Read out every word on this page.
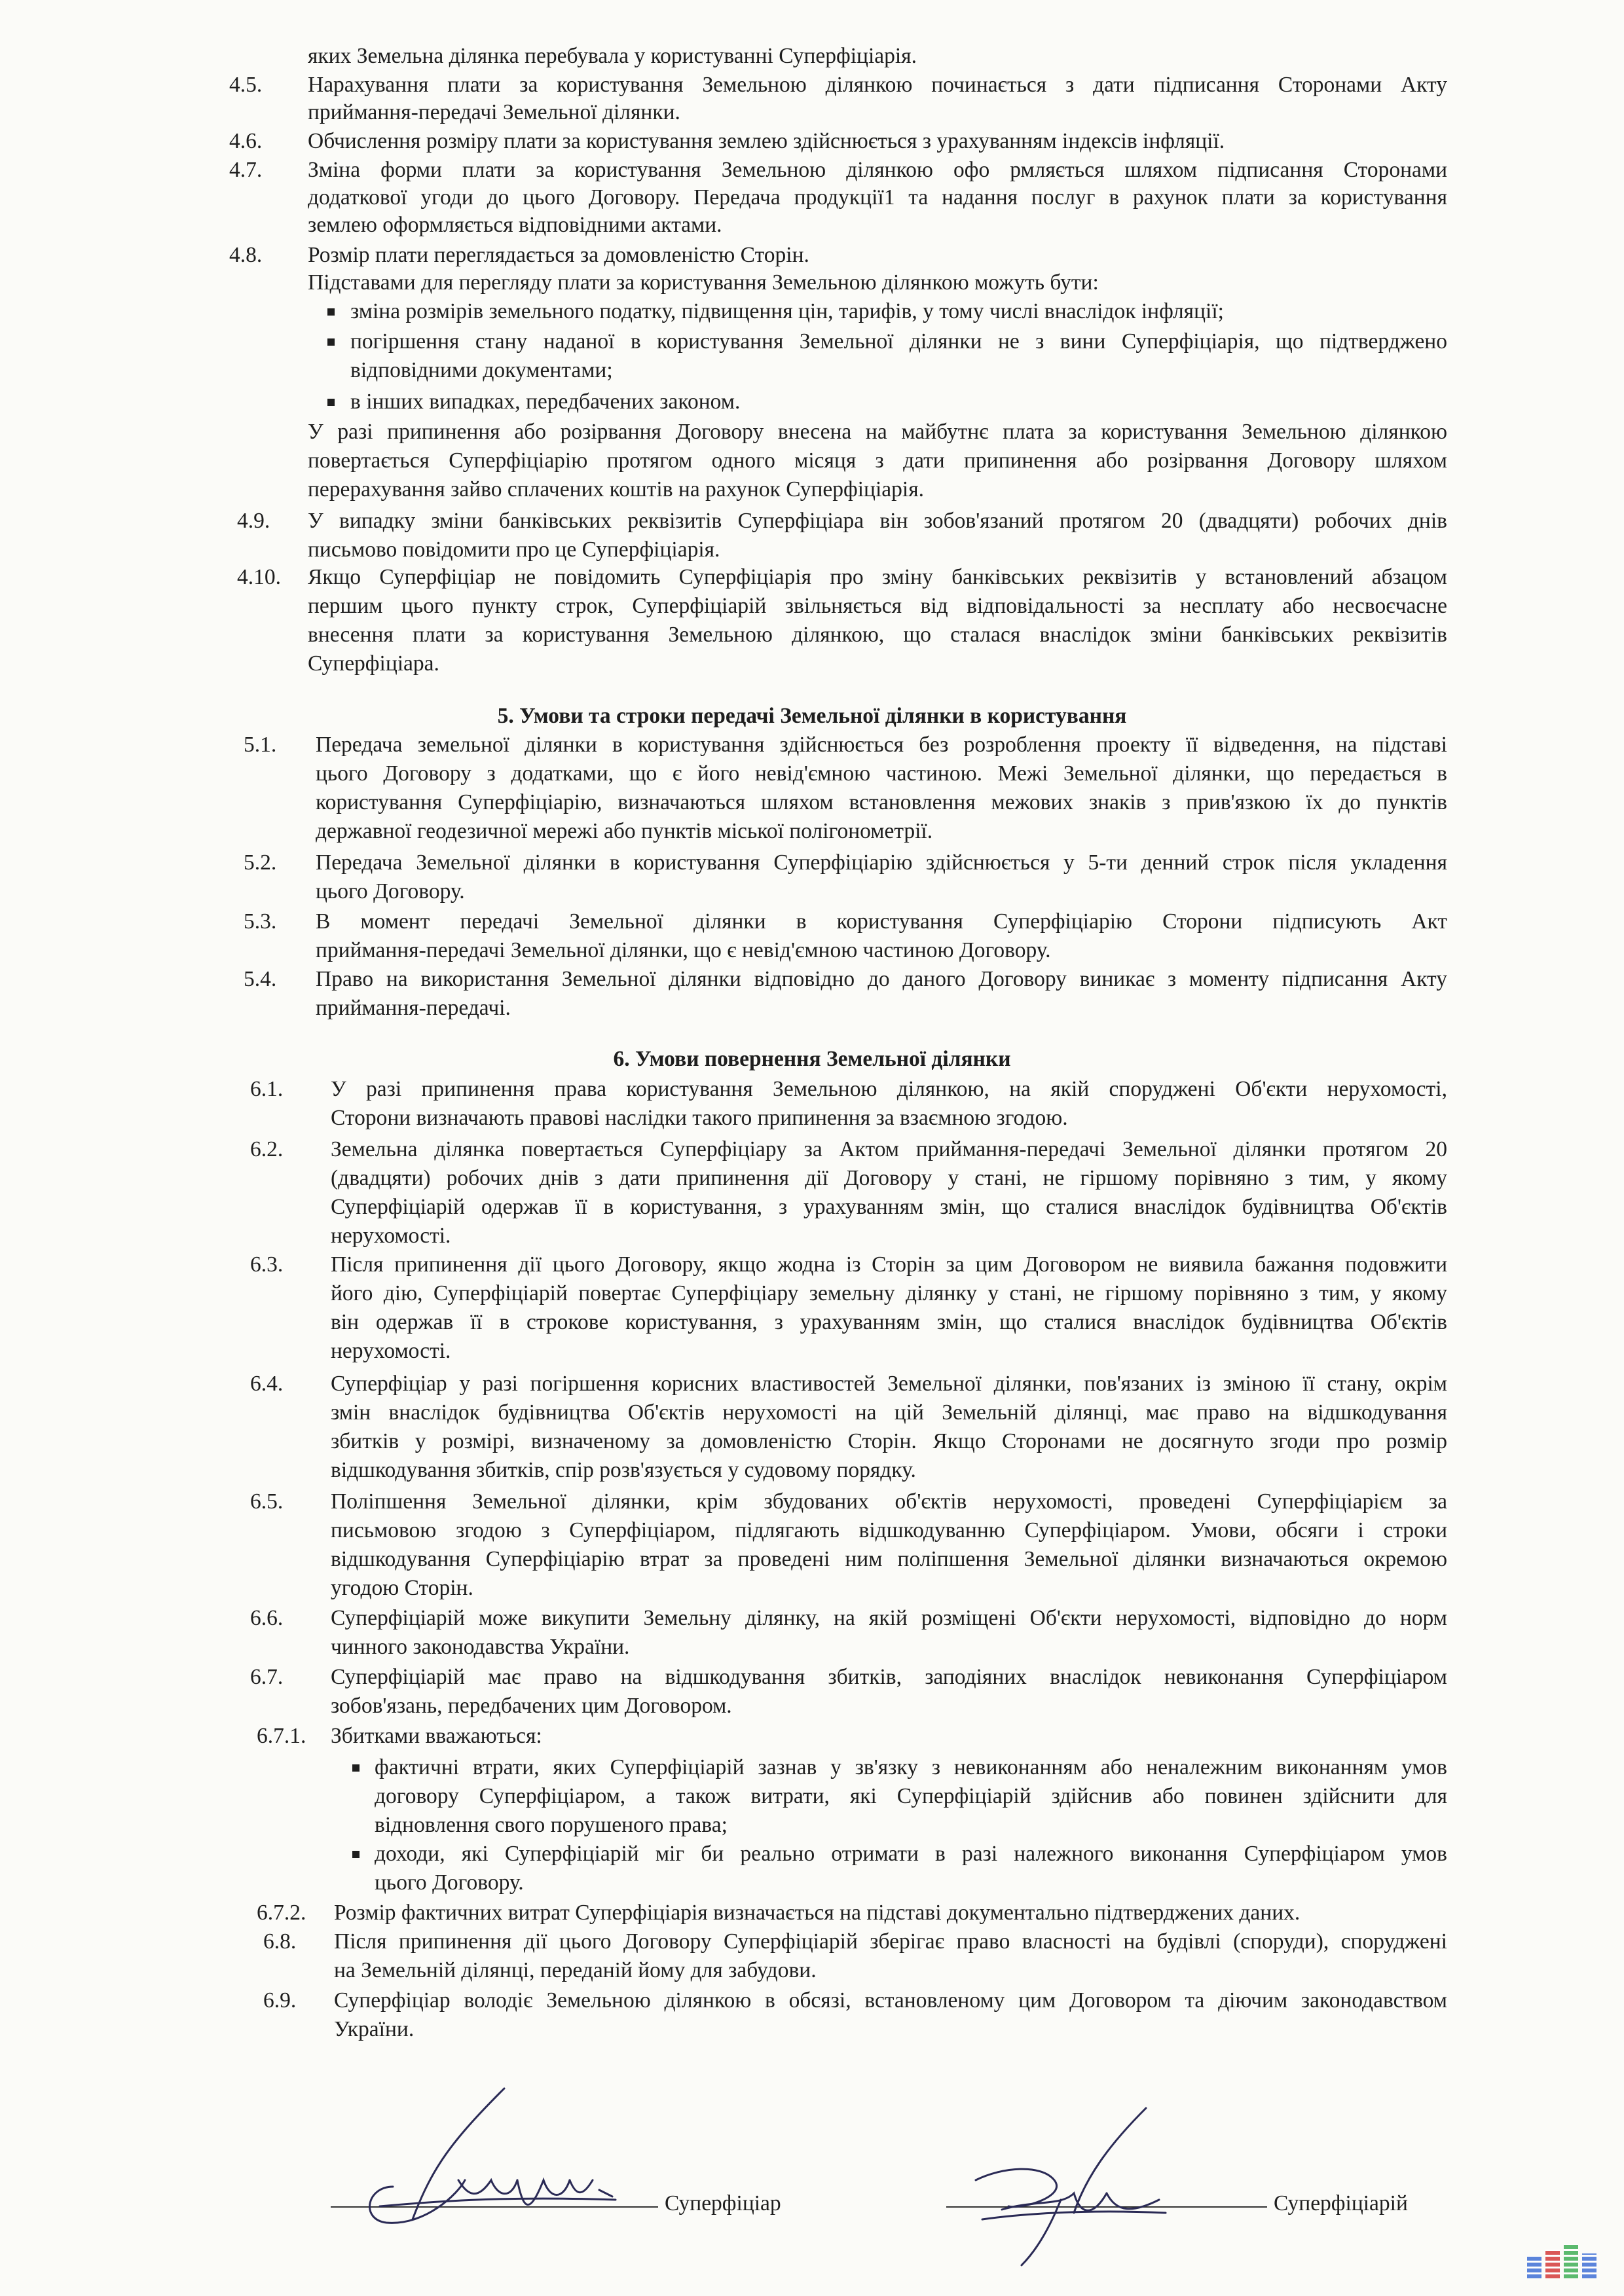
яких Земельна ділянка перебувала у користуванні Суперфіціарія.
Нарахування плати за користування Земельною ділянкою починається з дати підписання Сторонами Акту
4.5.
приймання-передачі Земельної ділянки.
Обчислення розміру плати за користування землею здійснюється з урахуванням індексів інфляції.
4.6.
Зміна форми плати за користування Земельною ділянкою офо рмляється шляхом підписання Сторонами
4.7.
додаткової угоди до цього Договору. Передача продукції1 та надання послуг в рахунок плати за користування
землею оформляється відповідними актами.
Розмір плати переглядається за домовленістю Сторін.
4.8.
Підставами для перегляду плати за користування Земельною ділянкою можуть бути:
зміна розмірів земельного податку, підвищення цін, тарифів, у тому числі внаслідок інфляції;
погіршення стану наданої в користування Земельної ділянки не з вини Суперфіціарія, що підтверджено
відповідними документами;
в інших випадках, передбачених законом.
У разі припинення або розірвання Договору внесена на майбутнє плата за користування Земельною ділянкою
повертається Суперфіціарію протягом одного місяця з дати припинення або розірвання Договору шляхом
перерахування зайво сплачених коштів на рахунок Суперфіціарія.
У випадку зміни банківських реквізитів Суперфіціара він зобов'язаний протягом 20 (двадцяти) робочих днів
4.9.
письмово повідомити про це Суперфіціарія.
Якщо Суперфіціар не повідомить Суперфіціарія про зміну банківських реквізитів у встановлений абзацом
4.10.
першим цього пункту строк, Суперфіціарій звільняється від відповідальності за несплату або несвоєчасне
внесення плати за користування Земельною ділянкою, що сталася внаслідок зміни банківських реквізитів
Суперфіціара.
5. Умови та строки передачі Земельної ділянки в користування
Передача земельної ділянки в користування здійснюється без розроблення проекту її відведення, на підставі
5.1.
цього Договору з додатками, що є його невід'ємною частиною. Межі Земельної ділянки, що передається в
користування Суперфіціарію, визначаються шляхом встановлення межових знаків з прив'язкою їх до пунктів
державної геодезичної мережі або пунктів міської полігонометрії.
Передача Земельної ділянки в користування Суперфіціарію здійснюється у 5-ти денний строк після укладення
5.2.
цього Договору.
В момент передачі Земельної ділянки в користування Суперфіціарію Сторони підписують Акт
5.3.
приймання-передачі Земельної ділянки, що є невід'ємною частиною Договору.
Право на використання Земельної ділянки відповідно до даного Договору виникає з моменту підписання Акту
5.4.
приймання-передачі.
6. Умови повернення Земельної ділянки
У разі припинення права користування Земельною ділянкою, на якій споруджені Об'єкти нерухомості,
6.1.
Сторони визначають правові наслідки такого припинення за взаємною згодою.
Земельна ділянка повертається Суперфіціару за Актом приймання-передачі Земельної ділянки протягом 20
6.2.
(двадцяти) робочих днів з дати припинення дії Договору у стані, не гіршому порівняно з тим, у якому
Суперфіціарій одержав її в користування, з урахуванням змін, що сталися внаслідок будівництва Об'єктів
нерухомості.
Після припинення дії цього Договору, якщо жодна із Сторін за цим Договором не виявила бажання подовжити
6.3.
його дію, Суперфіціарій повертає Суперфіціару земельну ділянку у стані, не гіршому порівняно з тим, у якому
він одержав її в строкове користування, з урахуванням змін, що сталися внаслідок будівництва Об'єктів
нерухомості.
Суперфіціар у разі погіршення корисних властивостей Земельної ділянки, пов'язаних із зміною її стану, окрім
6.4.
змін внаслідок будівництва Об'єктів нерухомості на цій Земельній ділянці, має право на відшкодування
збитків у розмірі, визначеному за домовленістю Сторін. Якщо Сторонами не досягнуто згоди про розмір
відшкодування збитків, спір розв'язується у судовому порядку.
Поліпшення Земельної ділянки, крім збудованих об'єктів нерухомості, проведені Суперфіціарієм за
6.5.
письмовою згодою з Суперфіціаром, підлягають відшкодуванню Суперфіціаром. Умови, обсяги і строки
відшкодування Суперфіціарію втрат за проведені ним поліпшення Земельної ділянки визначаються окремою
угодою Сторін.
Суперфіціарій може викупити Земельну ділянку, на якій розміщені Об'єкти нерухомості, відповідно до норм
6.6.
чинного законодавства України.
Суперфіціарій має право на відшкодування збитків, заподіяних внаслідок невиконання Суперфіціаром
6.7.
зобов'язань, передбачених цим Договором.
Збитками вважаються:
6.7.1.
фактичні втрати, яких Суперфіціарій зазнав у зв'язку з невиконанням або неналежним виконанням умов
договору Суперфіціаром, а також витрати, які Суперфіціарій здійснив або повинен здійснити для
відновлення свого порушеного права;
доходи, які Суперфіціарій міг би реально отримати в разі належного виконання Суперфіціаром умов
цього Договору.
Розмір фактичних витрат Суперфіціарія визначається на підставі документально підтверджених даних.
6.7.2.
Після припинення дії цього Договору Суперфіціарій зберігає право власності на будівлі (споруди), споруджені
6.8.
на Земельній ділянці, переданій йому для забудови.
Суперфіціар володіє Земельною ділянкою в обсязі, встановленому цим Договором та діючим законодавством
6.9.
України.
Суперфіціар	Суперфіціарій
